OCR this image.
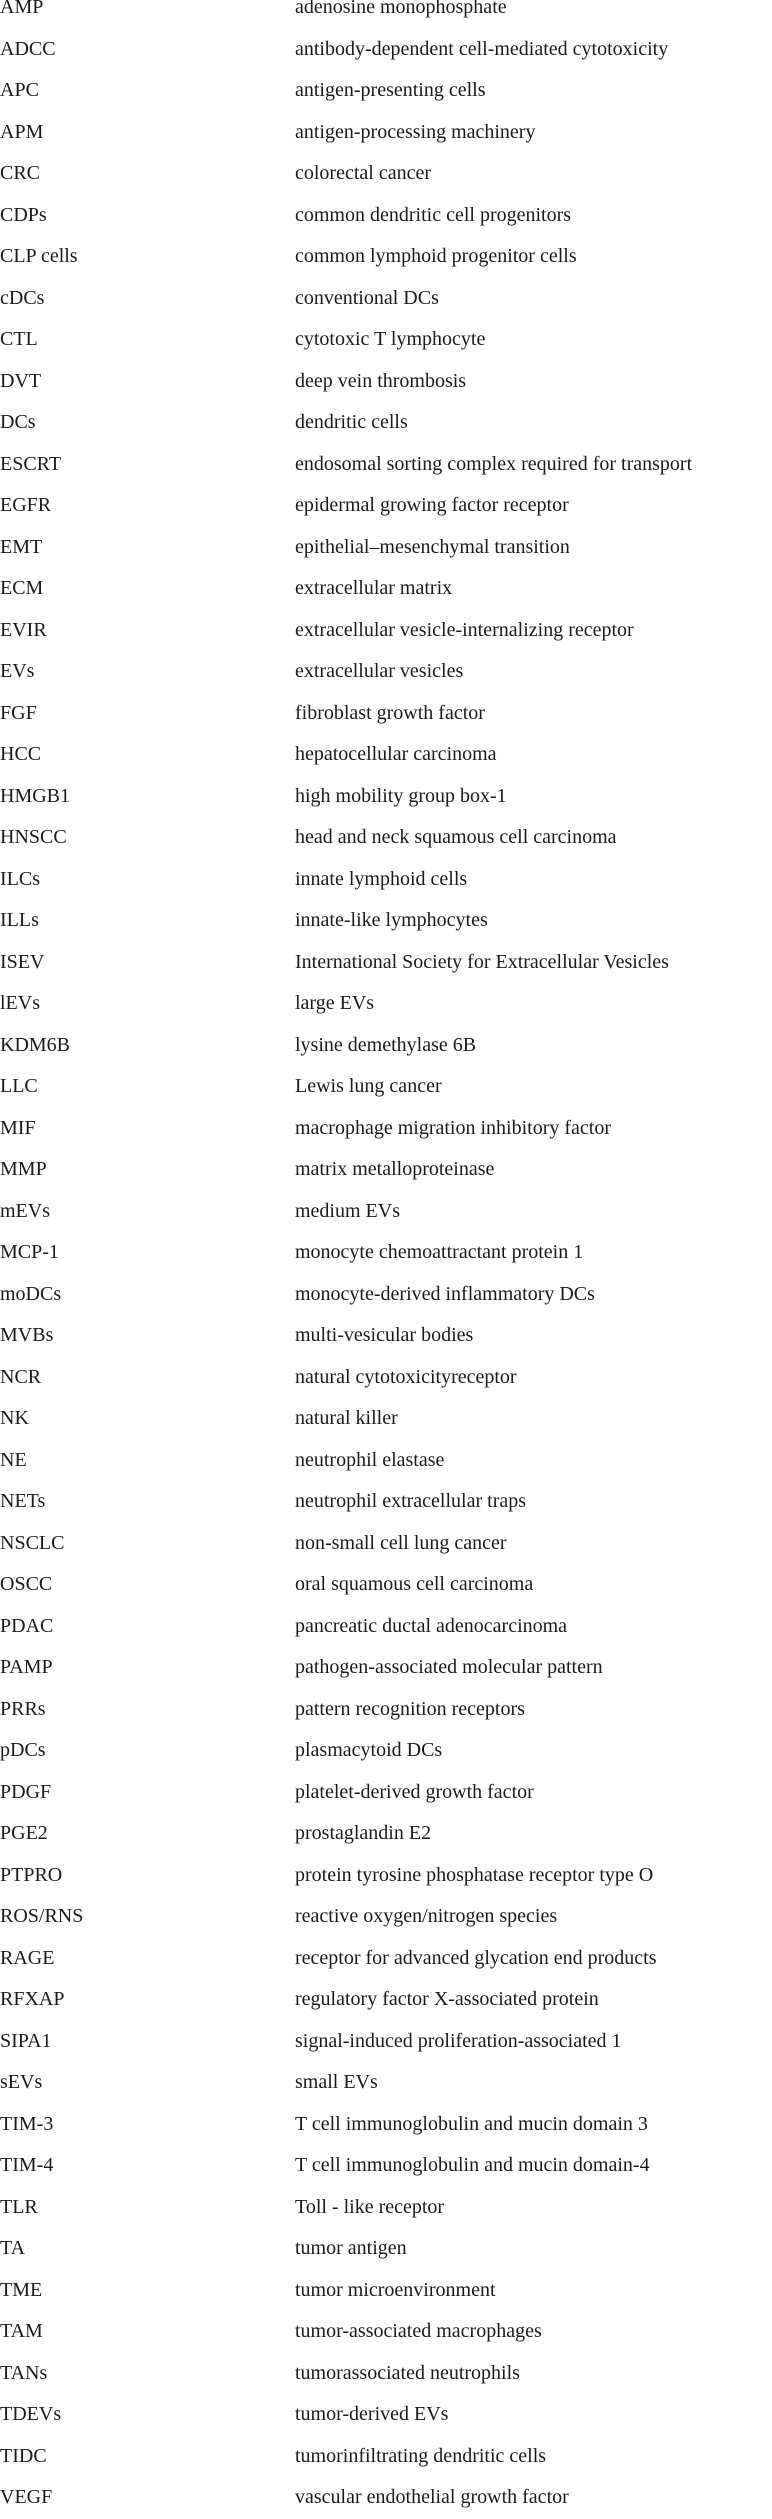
AMP	adenosine monophosphate
ADCC	antibody-dependent cell-mediated cytotoxicity
APC	antigen-presenting cells
APM	antigen-processing machinery
CRC	colorectal cancer
CDPs	common dendritic cell progenitors
CLP cells	common lymphoid progenitor cells
cDCs	conventional DCs
CTL	cytotoxic T lymphocyte
DVT	deep vein thrombosis
DCs	dendritic cells
ESCRT	endosomal sorting complex required for transport
EGFR	epidermal growing factor receptor
EMT	epithelial–mesenchymal transition
ECM	extracellular matrix
EVIR	extracellular vesicle-internalizing receptor
EVs	extracellular vesicles
FGF	fibroblast growth factor
HCC	hepatocellular carcinoma
HMGB1	high mobility group box-1
HNSCC	head and neck squamous cell carcinoma
ILCs	innate lymphoid cells
ILLs	innate-like lymphocytes
ISEV	International Society for Extracellular Vesicles
lEVs	large EVs
KDM6B	lysine demethylase 6B
LLC	Lewis lung cancer
MIF	macrophage migration inhibitory factor
MMP	matrix metalloproteinase
mEVs	medium EVs
MCP-1	monocyte chemoattractant protein 1
moDCs	monocyte-derived inflammatory DCs
MVBs	multi-vesicular bodies
NCR	natural cytotoxicityreceptor
NK	natural killer
NE	neutrophil elastase
NETs	neutrophil extracellular traps
NSCLC	non-small cell lung cancer
OSCC	oral squamous cell carcinoma
PDAC	pancreatic ductal adenocarcinoma
PAMP	pathogen-associated molecular pattern
PRRs	pattern recognition receptors
pDCs	plasmacytoid DCs
PDGF	platelet-derived growth factor
PGE2	prostaglandin E2
PTPRO	protein tyrosine phosphatase receptor type O
ROS/RNS	reactive oxygen/nitrogen species
RAGE	receptor for advanced glycation end products
RFXAP	regulatory factor X-associated protein
SIPA1	signal-induced proliferation-associated 1
sEVs	small EVs
TIM-3	T cell immunoglobulin and mucin domain 3
TIM-4	T cell immunoglobulin and mucin domain-4
TLR	Toll - like receptor
TA	tumor antigen
TME	tumor microenvironment
TAM	tumor-associated macrophages
TANs	tumorassociated neutrophils
TDEVs	tumor-derived EVs
TIDC	tumorinfiltrating dendritic cells
VEGF	vascular endothelial growth factor
